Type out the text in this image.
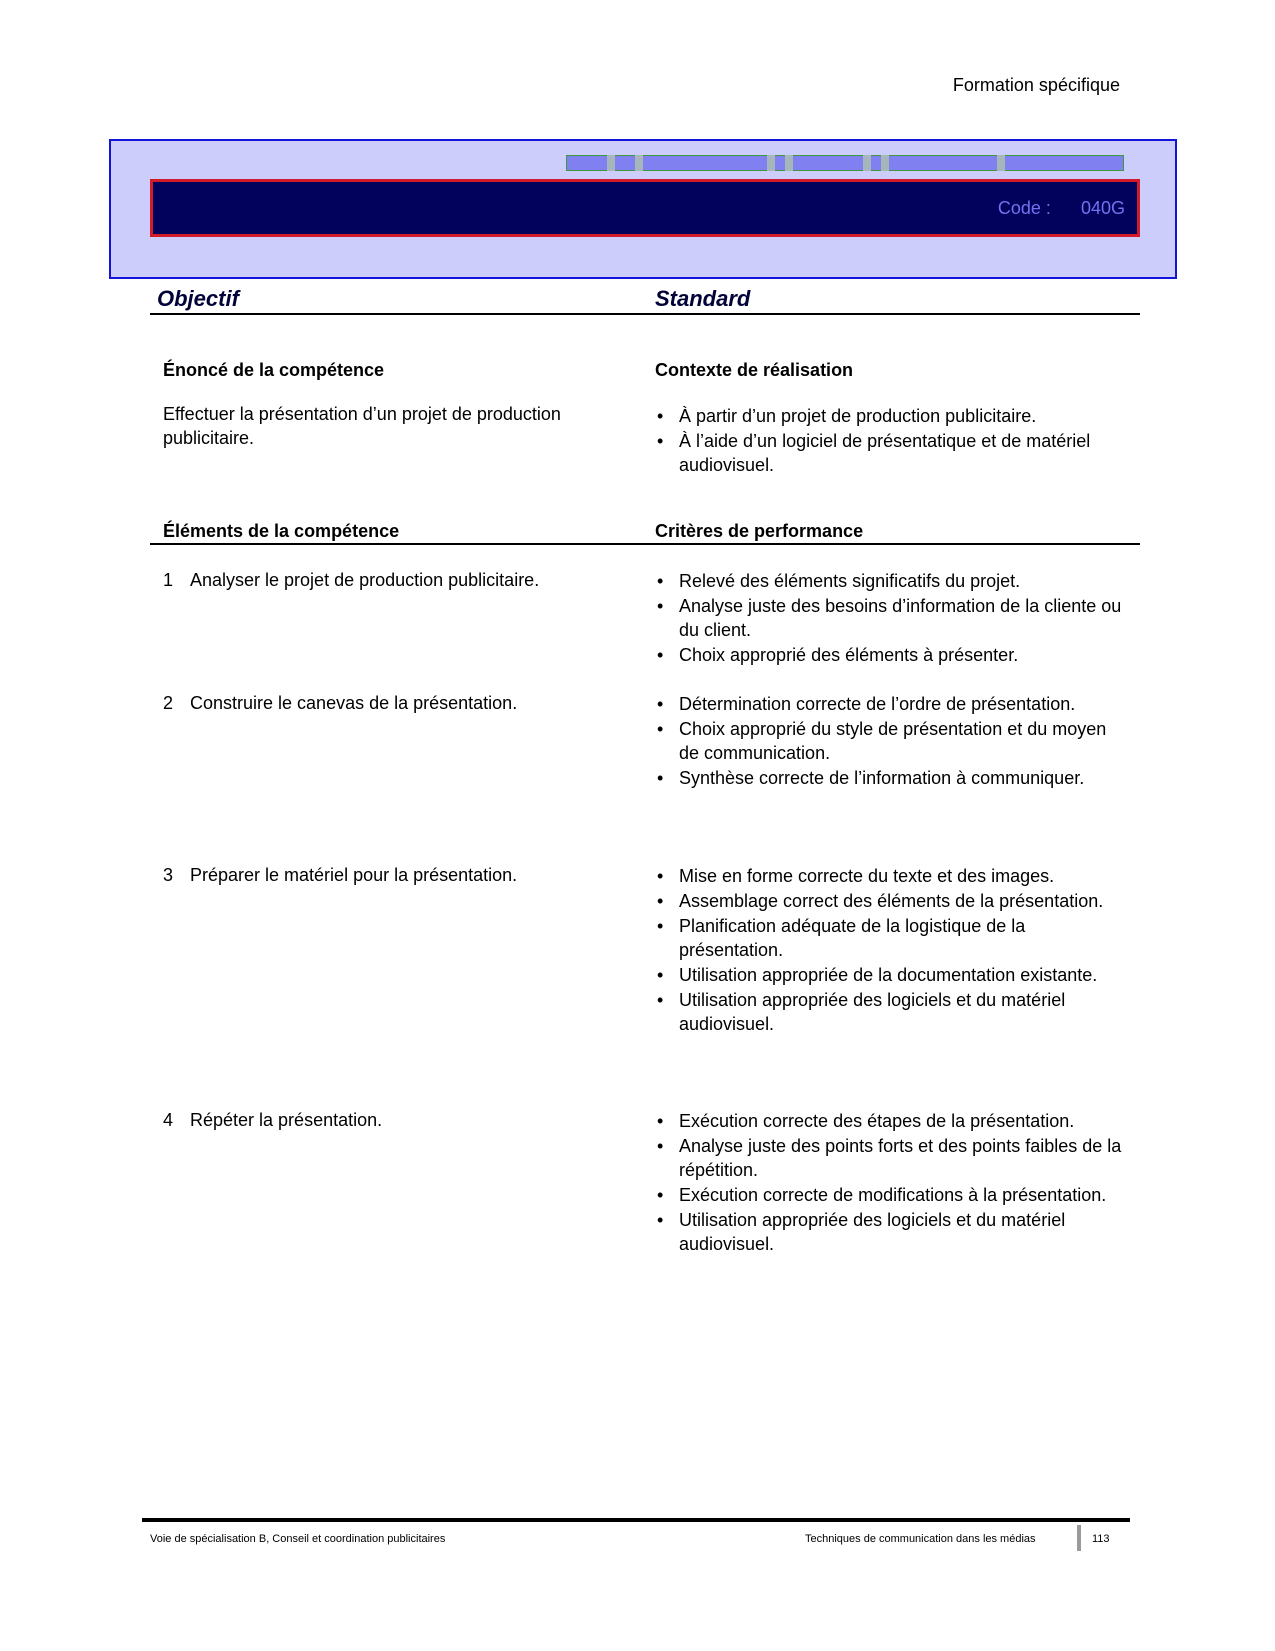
Formation spécifique
Code : 040G
Objectif	Standard
Énoncé de la compétence	Contexte de réalisation
Effectuer la présentation d’un projet de production publicitaire.
• À partir d’un projet de production publicitaire.
• À l’aide d’un logiciel de présentatique et de matériel audiovisuel.
Éléments de la compétence	Critères de performance
1 Analyser le projet de production publicitaire.	• Relevé des éléments significatifs du projet.
• Analyse juste des besoins d’information de la cliente ou du client.
• Choix approprié des éléments à présenter.
2 Construire le canevas de la présentation.	• Détermination correcte de l’ordre de présentation.
• Choix approprié du style de présentation et du moyen de communication.
• Synthèse correcte de l’information à communiquer.
3 Préparer le matériel pour la présentation.	• Mise en forme correcte du texte et des images.
• Assemblage correct des éléments de la présentation.
• Planification adéquate de la logistique de la présentation.
• Utilisation appropriée de la documentation existante.
• Utilisation appropriée des logiciels et du matériel audiovisuel.
4 Répéter la présentation.	• Exécution correcte des étapes de la présentation.
• Analyse juste des points forts et des points faibles de la répétition.
• Exécution correcte de modifications à la présentation.
• Utilisation appropriée des logiciels et du matériel audiovisuel.
Voie de spécialisation B, Conseil et coordination publicitaires	Techniques de communication dans les médias	113
